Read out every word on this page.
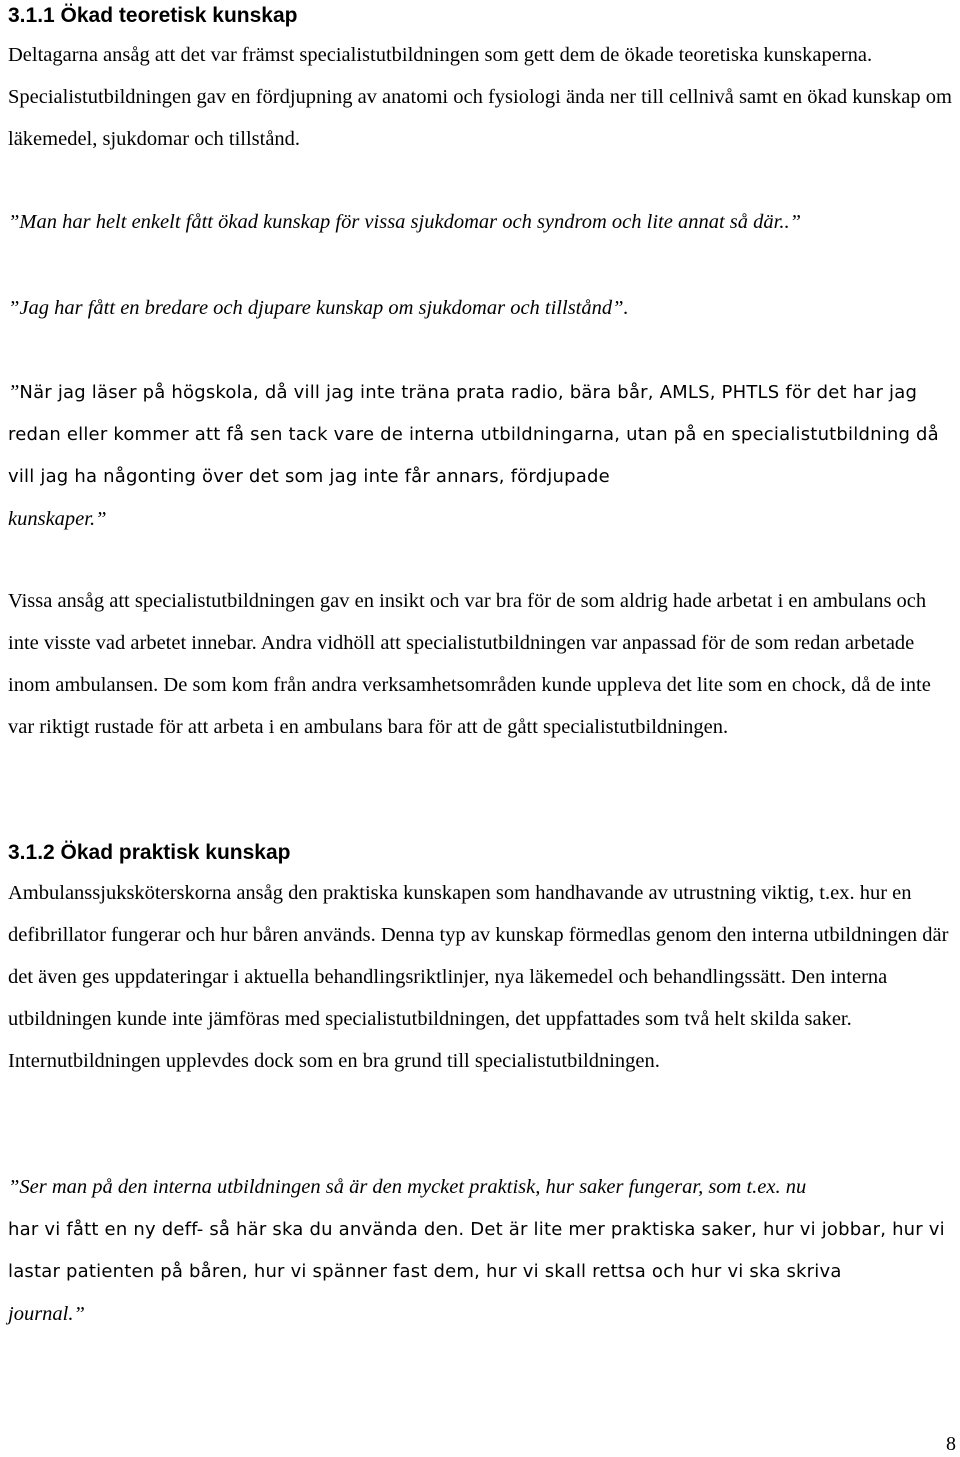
3.1.1 Ökad teoretisk kunskap

Deltagarna ansåg att det var främst specialistutbildningen som gett dem de ökade teoretiska kunskaperna. Specialistutbildningen gav en fördjupning av anatomi och fysiologi ända ner till cellnivå samt en ökad kunskap om läkemedel, sjukdomar och tillstånd.

”Man har helt enkelt fått ökad kunskap för vissa sjukdomar och syndrom och lite annat så där..”

”Jag har fått en bredare och djupare kunskap om sjukdomar och tillstånd”.

”När jag läser på högskola, då vill jag inte träna prata radio, bära bår, AMLS, PHTLS för det har jag redan eller kommer att få sen tack vare de interna utbildningarna, utan på en specialistutbildning då vill jag ha någonting över det som jag inte får annars, fördjupade
kunskaper.”

Vissa ansåg att specialistutbildningen gav en insikt och var bra för de som aldrig hade arbetat i en ambulans och inte visste vad arbetet innebar. Andra vidhöll att specialistutbildningen var anpassad för de som redan arbetade inom ambulansen. De som kom från andra verksamhetsområden kunde uppleva det lite som en chock, då de inte var riktigt rustade för att arbeta i en ambulans bara för att de gått specialistutbildningen.

3.1.2 Ökad praktisk kunskap

Ambulanssjuksköterskorna ansåg den praktiska kunskapen som handhavande av utrustning viktig, t.ex. hur en defibrillator fungerar och hur båren används. Denna typ av kunskap förmedlas genom den interna utbildningen där det även ges uppdateringar i aktuella behandlingsriktlinjer, nya läkemedel och behandlingssätt. Den interna utbildningen kunde inte jämföras med specialistutbildningen, det uppfattades som två helt skilda saker. Internutbildningen upplevdes dock som en bra grund till specialistutbildningen.

”Ser man på den interna utbildningen så är den mycket praktisk, hur saker fungerar, som t.ex. nu
har vi fått en ny deff- så här ska du använda den. Det är lite mer praktiska saker, hur vi jobbar, hur vi lastar patienten på båren, hur vi spänner fast dem, hur vi skall rettsa och hur vi ska skriva
journal.”

8
